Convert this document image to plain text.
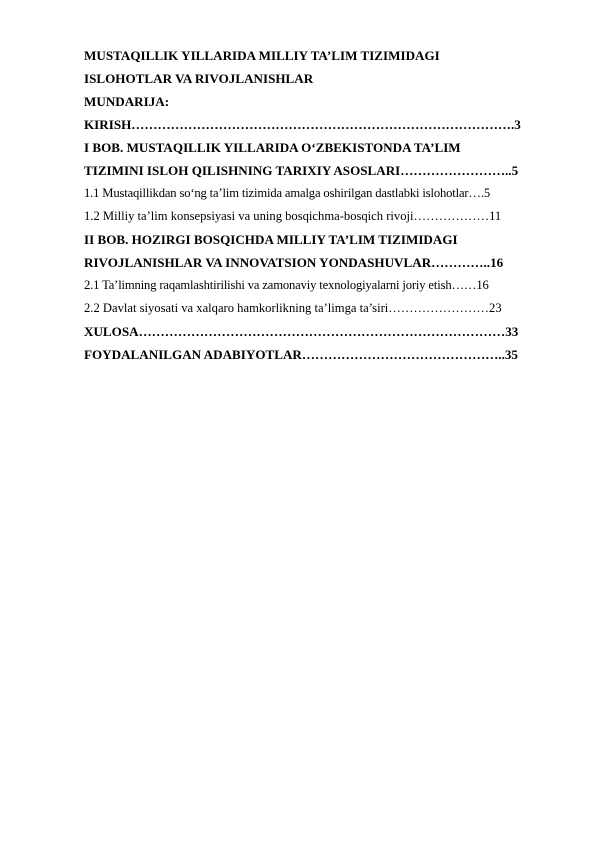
MUSTAQILLIK YILLARIDA MILLIY TA’LIM TIZIMIDAGI
ISLOHOTLAR VA RIVOJLANISHLAR
MUNDARIJA:
KIRISH…………………………………………………………………………….3
I BOB. MUSTAQILLIK YILLARIDA O‘ZBEKISTONDA TA’LIM
TIZIMINI ISLOH QILISHNING TARIXIY ASOSLARI……………………..5
1.1 Mustaqillikdan so‘ng ta’lim tizimida amalga oshirilgan dastlabki islohotlar….5
1.2 Milliy ta’lim konsepsiyasi va uning bosqichma-bosqich rivoji………………11
II BOB. HOZIRGI BOSQICHDA MILLIY TA’LIM TIZIMIDAGI
RIVOJLANISHLAR VA INNOVATSION YONDASHUVLAR…………..16
2.1 Ta’limning raqamlashtirilishi va zamonaviy texnologiyalarni joriy etish……16
2.2 Davlat siyosati va xalqaro hamkorlikning ta’limga ta’siri……………………23
XULOSA…………………………………………………………………………33
FOYDALANILGAN ADABIYOTLAR………………………………………..35
